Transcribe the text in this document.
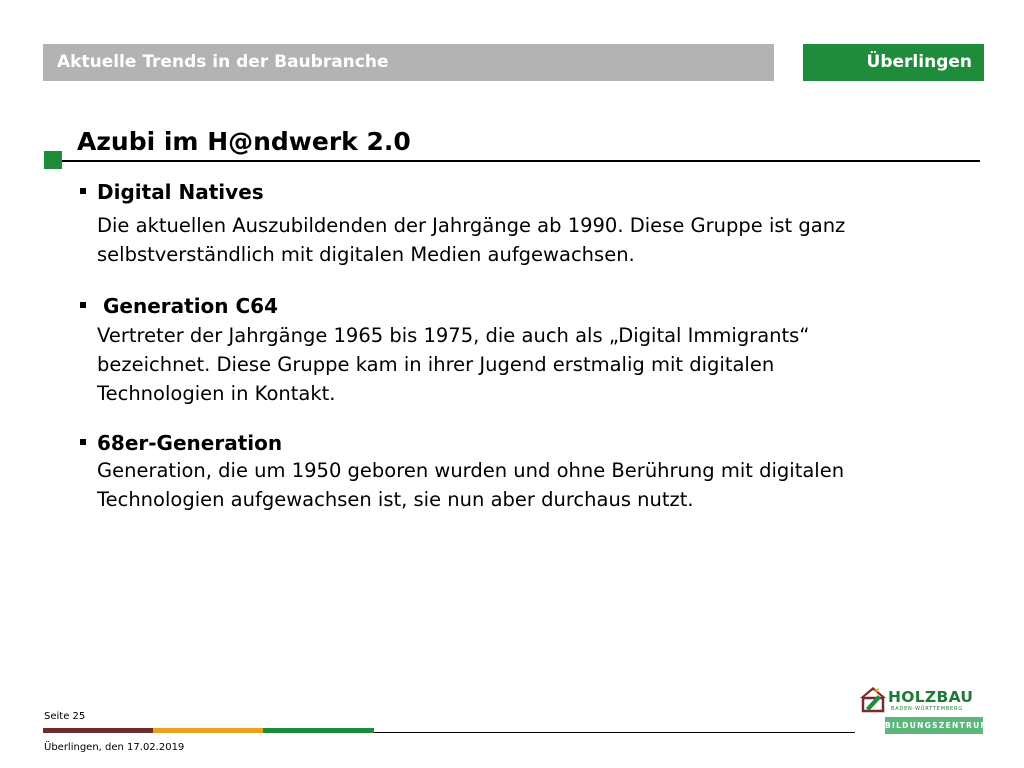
Aktuelle Trends in der Baubranche	Überlingen
Azubi im H@ndwerk 2.0
Digital Natives
Die aktuellen Auszubildenden der Jahrgänge ab 1990. Diese Gruppe ist ganz
selbstverständlich mit digitalen Medien aufgewachsen.
Generation C64
Vertreter der Jahrgänge 1965 bis 1975, die auch als „Digital Immigrants“
bezeichnet. Diese Gruppe kam in ihrer Jugend erstmalig mit digitalen
Technologien in Kontakt.
68er-Generation
Generation, die um 1950 geboren wurden und ohne Berührung mit digitalen
Technologien aufgewachsen ist, sie nun aber durchaus nutzt.
Seite 25
Überlingen, den 17.02.2019
HOLZBAU
BADEN-WÜRTTEMBERG
BILDUNGSZENTRUM
